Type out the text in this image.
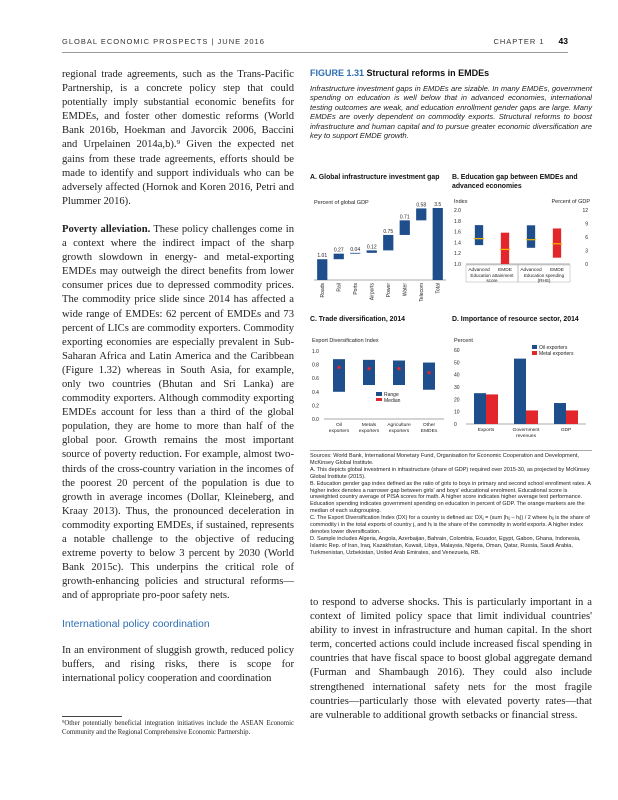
GLOBAL ECONOMIC PROSPECTS | JUNE 2016	CHAPTER 1 43

regional trade agreements, such as the Trans-Pacific Partnership, is a concrete policy step that could potentially imply substantial economic benefits for EMDEs, and foster other domestic reforms (World Bank 2016b, Hoekman and Javorcik 2006, Baccini and Urpelainen 2014a,b).⁹ Given the expected net gains from these trade agreements, efforts should be made to identify and support individuals who can be adversely affected (Hornok and Koren 2016, Petri and Plummer 2016).

Poverty alleviation. These policy challenges come in a context where the indirect impact of the sharp growth slowdown in energy- and metal-exporting EMDEs may outweigh the direct benefits from lower consumer prices due to depressed commodity prices. The commodity price slide since 2014 has affected a wide range of EMDEs: 62 percent of EMDEs and 73 percent of LICs are commodity exporters. Commodity exporting economies are especially prevalent in Sub-Saharan Africa and Latin America and the Caribbean (Figure 1.32) whereas in South Asia, for example, only two countries (Bhutan and Sri Lanka) are commodity exporters. Although commodity exporting EMDEs account for less than a third of the global population, they are home to more than half of the global poor. Growth remains the most important source of poverty reduction. For example, almost two-thirds of the cross-country variation in the incomes of the poorest 20 percent of the population is due to growth in average incomes (Dollar, Kleineberg, and Kraay 2013). Thus, the pronounced deceleration in commodity exporting EMDEs, if sustained, represents a notable challenge to the objective of reducing extreme poverty to below 3 percent by 2030 (World Bank 2015c). This underpins the critical role of growth-enhancing policies and structural reforms—and of appropriate pro-poor safety nets.

International policy coordination

In an environment of sluggish growth, reduced policy buffers, and rising risks, there is scope for international policy cooperation and coordination

⁹Other potentially beneficial integration initiatives include the ASEAN Economic Community and the Regional Comprehensive Economic Partnership.
FIGURE 1.31 Structural reforms in EMDEs

Infrastructure investment gaps in EMDEs are sizable. In many EMDEs, government spending on education is well below that in advanced economies, international testing outcomes are weak, and education enrollment gender gaps are large. Many EMDEs are overly dependent on commodity exports. Structural reforms to boost infrastructure and human capital and to pursue greater economic diversification are key to support EMDE growth.

A. Global infrastructure investment gap
Percent of global GDP
1.01
Roads
0.27
Rail
0.04
Ports
0.12
Airports
0.75
Power
0.71
Water
0.58
Telecom
3.5
Total
B. Education gap between EMDEs and advanced economies
Index	Percent of GDP
2.0
1.8
1.6
1.4
1.2
1.0
12
9
6
3
0
Advanced EMDE Advanced EMDE
Education attainment
score
Education spending
(RHS)
C. Trade diversification, 2014
Export Diversification Index
1.0
0.8
0.6
0.4
0.2
0.0
Oil
exporters
Metals
exporters
Agriculture
exporters
Other
EMDEs
Range
Median
D. Importance of resource sector, 2014
Percent
60
50
40
30
20
10
0
Exports	Government
revenues
GDP
Oil exporters
Metal exporters

Sources: World Bank, International Monetary Fund, Organisation for Economic Cooperation and Development, McKinsey Global Institute.

A. This depicts global investment in infrastructure (share of GDP) required over 2015-30, as projected by McKinsey Global Institute (2015).

B. Education gender gap index defined as the ratio of girls to boys in primary and second school enrollment rates. A higher index denotes a narrower gap between girls' and boys' educational enrolment. Educational score is unweighted country average of PISA scores for math. A higher score indicates higher average test performance. Education spending indicates government spending on education in percent of GDP. The orange markers are the median of each subgrouping.

C. The Export Diversification Index (DX) for a country is defined as: DXⱼ = (sum |hᵢⱼ – hᵢ|) / 2 where hᵢⱼ is the share of commodity i in the total exports of country j, and hᵢ is the share of the commodity in world exports. A higher index denotes lower diversification.

D. Sample includes Algeria, Angola, Azerbaijan, Bahrain, Colombia, Ecuador, Egypt, Gabon, Ghana, Indonesia, Islamic Rep. of Iran, Iraq, Kazakhstan, Kuwait, Libya, Malaysia, Nigeria, Oman, Qatar, Russia, Saudi Arabia, Turkmenistan, Uzbekistan, United Arab Emirates, and Venezuela, RB.

to respond to adverse shocks. This is particularly important in a context of limited policy space that limit individual countries' ability to invest in infrastructure and human capital. In the short term, concerted actions could include increased fiscal spending in countries that have fiscal space to boost global aggregate demand (Furman and Shambaugh 2016). They could also include strengthened international safety nets for the most fragile countries—particularly those with elevated poverty rates—that are vulnerable to additional growth setbacks or financial stress.
